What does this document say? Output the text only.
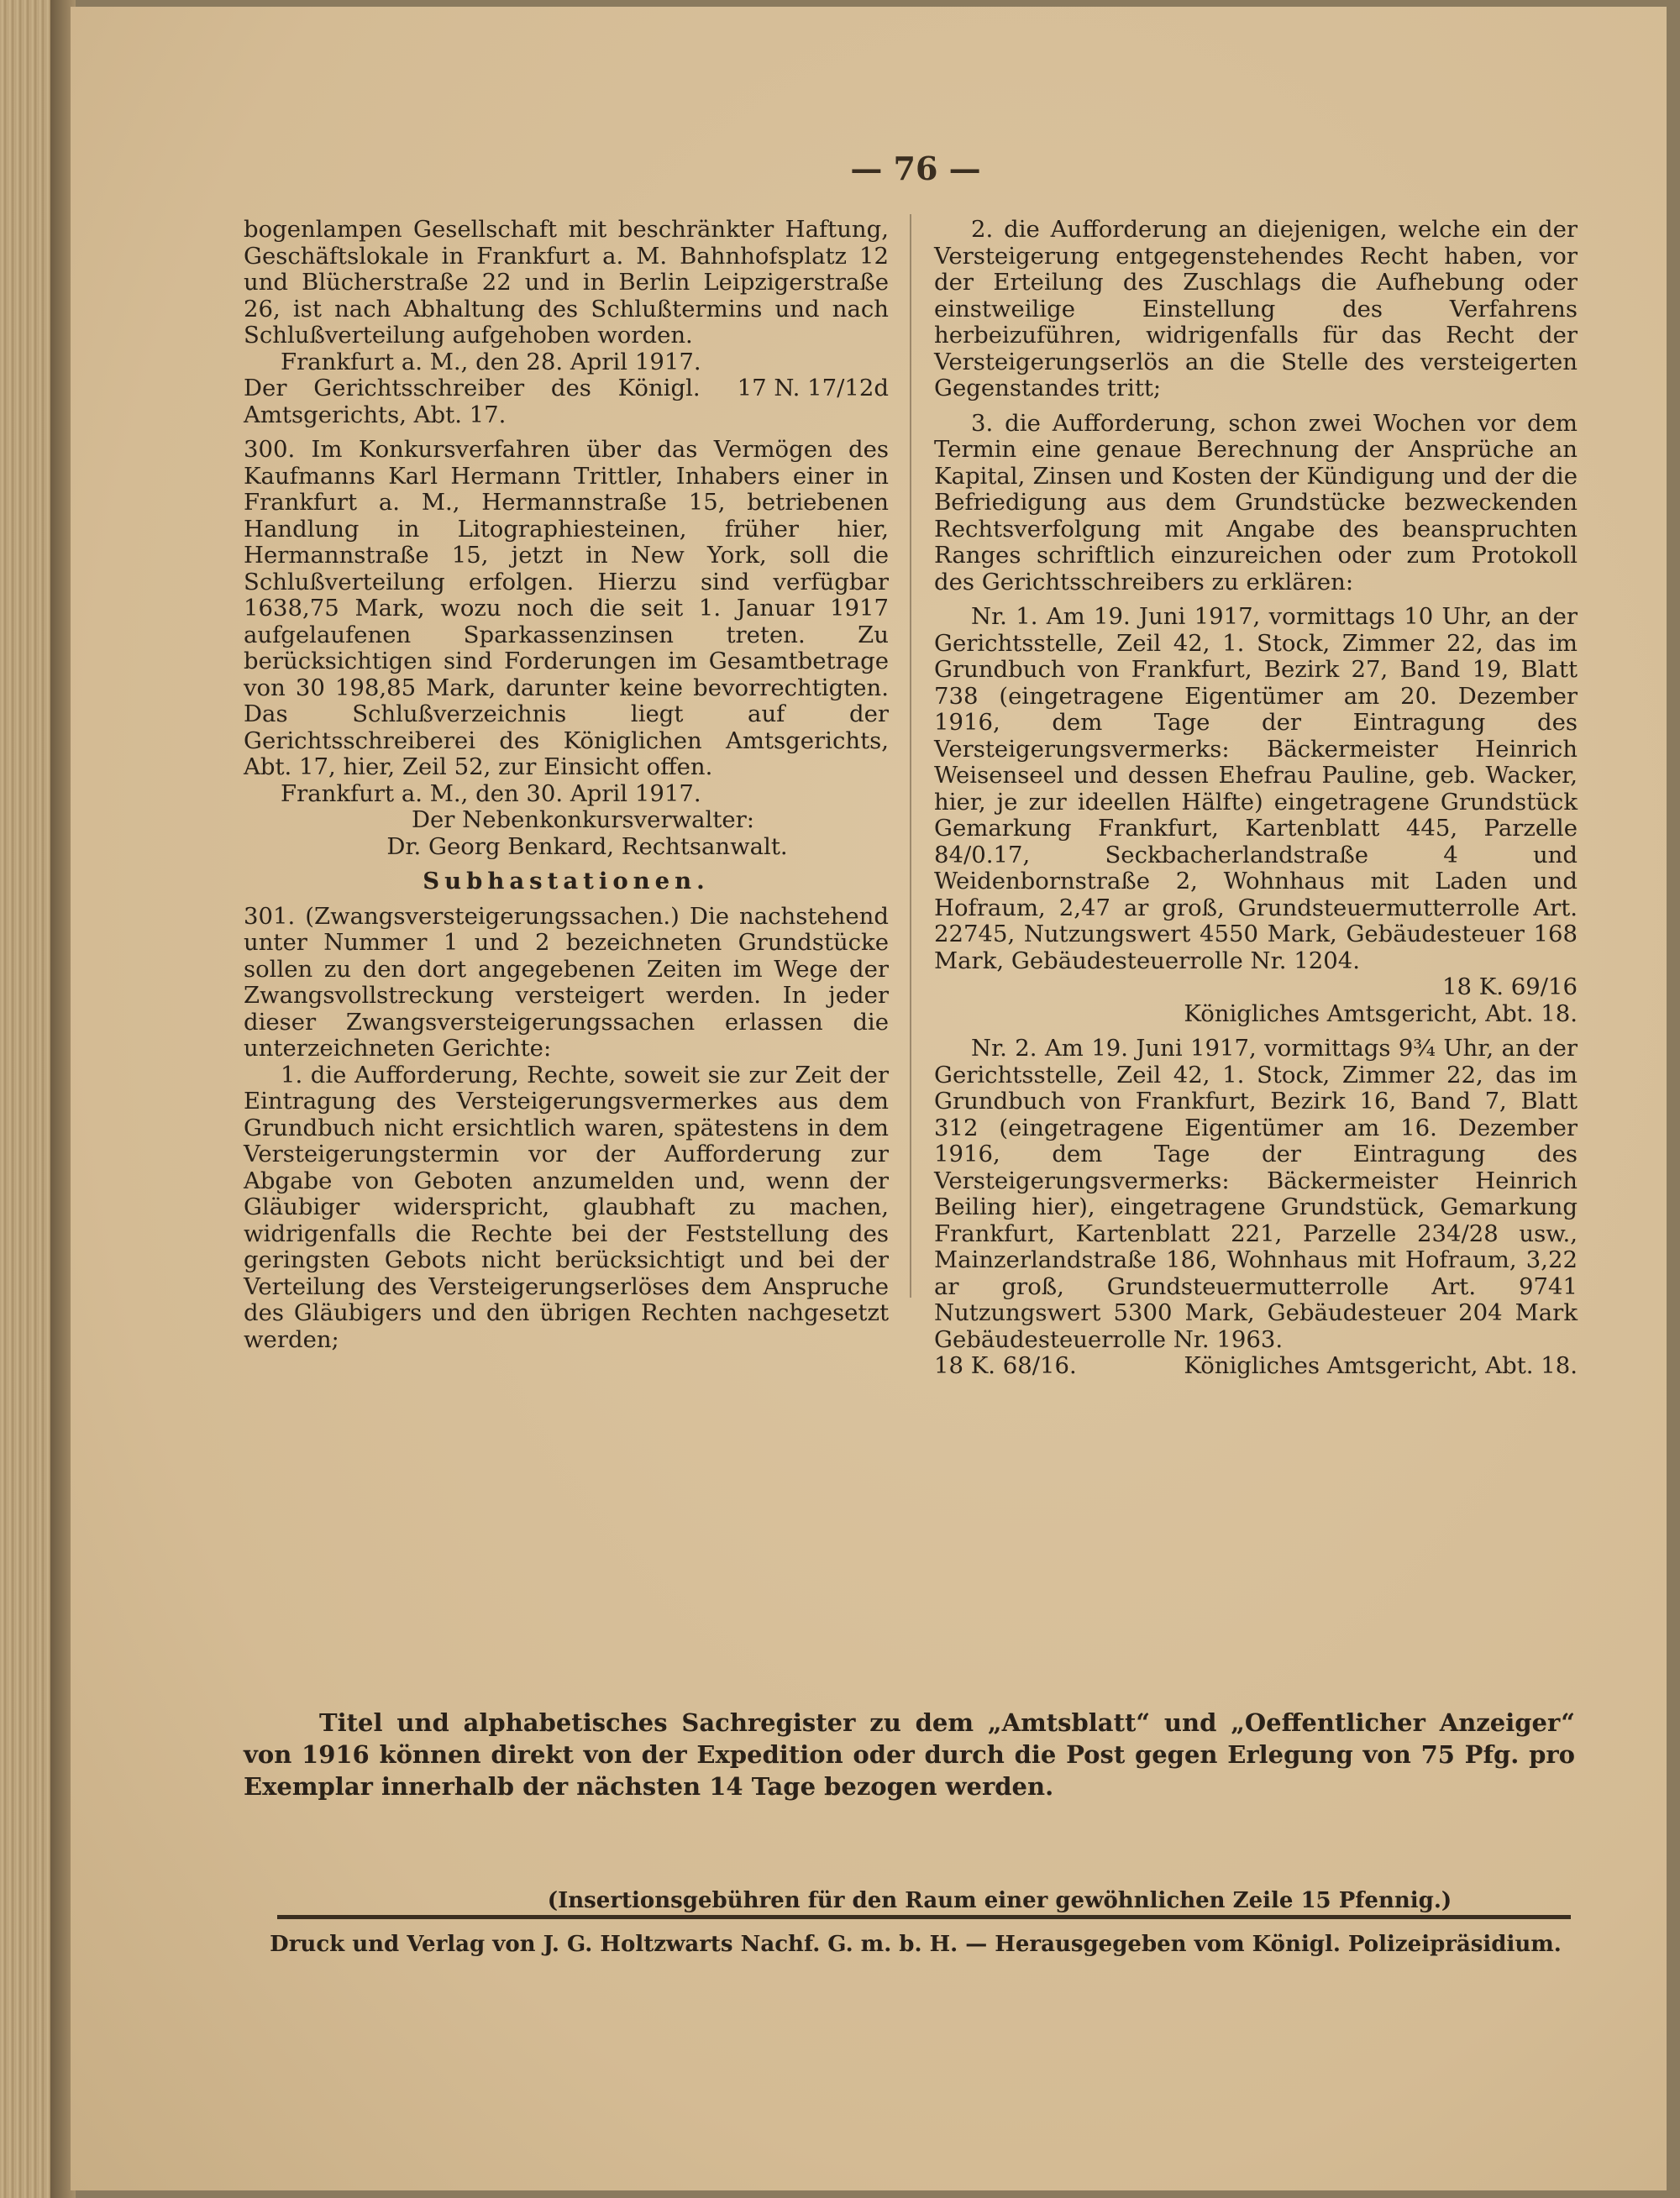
— 76 —

bogenlampen Gesellschaft mit beschränkter Haftung, Geschäftslokale in Frankfurt a. M. Bahnhofsplatz 12 und Blücherstraße 22 und in Berlin Leipzigerstraße 26, ist nach Abhaltung des Schlußtermins und nach Schlußverteilung aufgehoben worden.

Frankfurt a. M., den 28. April 1917.
17 N. 17/12d

Der Gerichtsschreiber des Königl. Amtsgerichts, Abt. 17.

300. Im Konkursverfahren über das Vermögen des Kaufmanns Karl Hermann Trittler, Inhabers einer in Frankfurt a. M., Hermannstraße 15, betriebenen Handlung in Litographiesteinen, früher hier, Hermannstraße 15, jetzt in New York, soll die Schlußverteilung erfolgen. Hierzu sind verfügbar 1638,75 Mark, wozu noch die seit 1. Januar 1917 aufgelaufenen Sparkassenzinsen treten. Zu berücksichtigen sind Forderungen im Gesamtbetrage von 30 198,85 Mark, darunter keine bevorrechtigten. Das Schlußverzeichnis liegt auf der Gerichtsschreiberei des Königlichen Amtsgerichts, Abt. 17, hier, Zeil 52, zur Einsicht offen.

Frankfurt a. M., den 30. April 1917.

Der Nebenkonkursverwalter:

Dr. Georg Benkard, Rechtsanwalt.

Subhastationen.

301. (Zwangsversteigerungssachen.) Die nachstehend unter Nummer 1 und 2 bezeichneten Grundstücke sollen zu den dort angegebenen Zeiten im Wege der Zwangsvollstreckung versteigert werden. In jeder dieser Zwangsversteigerungssachen erlassen die unterzeichneten Gerichte:

1. die Aufforderung, Rechte, soweit sie zur Zeit der Eintragung des Versteigerungsvermerkes aus dem Grundbuch nicht ersichtlich waren, spätestens in dem Versteigerungstermin vor der Aufforderung zur Abgabe von Geboten anzumelden und, wenn der Gläubiger widerspricht, glaubhaft zu machen, widrigenfalls die Rechte bei der Feststellung des geringsten Gebots nicht berücksichtigt und bei der Verteilung des Versteigerungserlöses dem Anspruche des Gläubigers und den übrigen Rechten nachgesetzt werden;

2. die Aufforderung an diejenigen, welche ein der Versteigerung entgegenstehendes Recht haben, vor der Erteilung des Zuschlags die Aufhebung oder einstweilige Einstellung des Verfahrens herbeizuführen, widrigenfalls für das Recht der Versteigerungserlös an die Stelle des versteigerten Gegenstandes tritt;

3. die Aufforderung, schon zwei Wochen vor dem Termin eine genaue Berechnung der Ansprüche an Kapital, Zinsen und Kosten der Kündigung und der die Befriedigung aus dem Grundstücke bezweckenden Rechtsverfolgung mit Angabe des beanspruchten Ranges schriftlich einzureichen oder zum Protokoll des Gerichtsschreibers zu erklären:

Nr. 1. Am 19. Juni 1917, vormittags 10 Uhr, an der Gerichtsstelle, Zeil 42, 1. Stock, Zimmer 22, das im Grundbuch von Frankfurt, Bezirk 27, Band 19, Blatt 738 (eingetragene Eigentümer am 20. Dezember 1916, dem Tage der Eintragung des Versteigerungsvermerks: Bäckermeister Heinrich Weisenseel und dessen Ehefrau Pauline, geb. Wacker, hier, je zur ideellen Hälfte) eingetragene Grundstück Gemarkung Frankfurt, Kartenblatt 445, Parzelle 84/0.17, Seckbacherlandstraße 4 und Weidenbornstraße 2, Wohnhaus mit Laden und Hofraum, 2,47 ar groß, Grundsteuermutterrolle Art. 22745, Nutzungswert 4550 Mark, Gebäudesteuer 168 Mark, Gebäudesteuerrolle Nr. 1204.

18 K. 69/16

Königliches Amtsgericht, Abt. 18.

Nr. 2. Am 19. Juni 1917, vormittags 9¾ Uhr, an der Gerichtsstelle, Zeil 42, 1. Stock, Zimmer 22, das im Grundbuch von Frankfurt, Bezirk 16, Band 7, Blatt 312 (eingetragene Eigentümer am 16. Dezember 1916, dem Tage der Eintragung des Versteigerungsvermerks: Bäckermeister Heinrich Beiling hier), eingetragene Grundstück, Gemarkung Frankfurt, Kartenblatt 221, Parzelle 234/28 usw., Mainzerlandstraße 186, Wohnhaus mit Hofraum, 3,22 ar groß, Grundsteuermutterrolle Art. 9741 Nutzungswert 5300 Mark, Gebäudesteuer 204 Mark Gebäudesteuerrolle Nr. 1963.

18 K. 68/16.	Königliches Amtsgericht, Abt. 18.

Titel und alphabetisches Sachregister zu dem „Amtsblatt“ und „Oeffentlicher Anzeiger“ von 1916 können direkt von der Expedition oder durch die Post gegen Erlegung von 75 Pfg. pro Exemplar innerhalb der nächsten 14 Tage bezogen werden.
(Insertionsgebühren für den Raum einer gewöhnlichen Zeile 15 Pfennig.)
Druck und Verlag von J. G. Holtzwarts Nachf. G. m. b. H. — Herausgegeben vom Königl. Polizeipräsidium.
